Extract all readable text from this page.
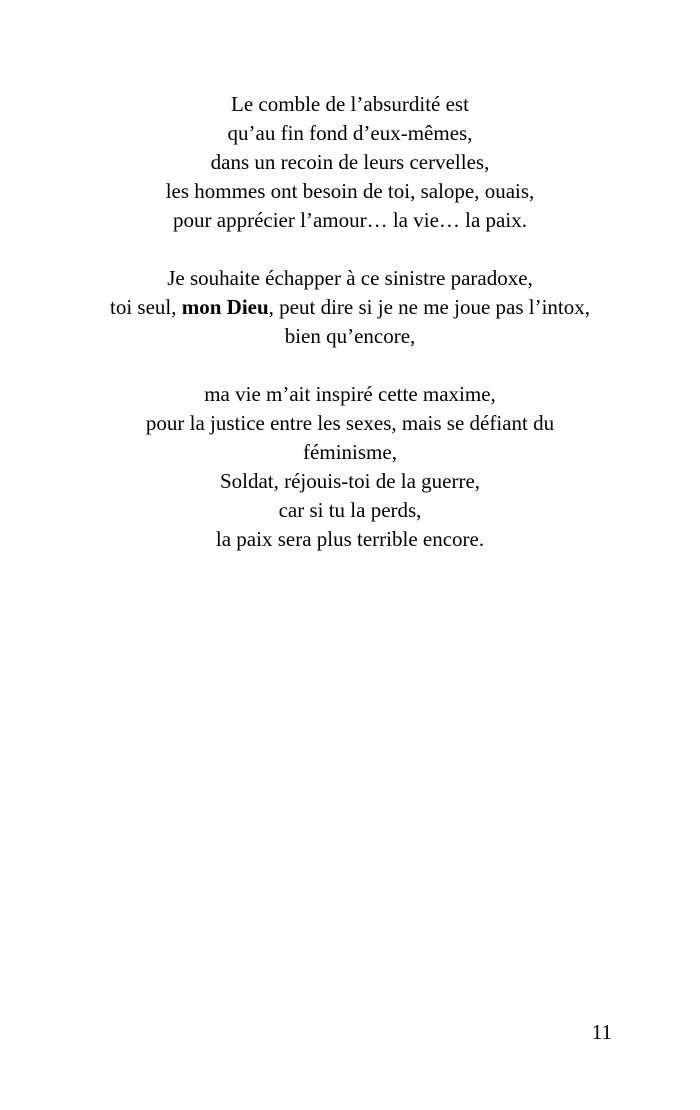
Le comble de l’absurdité est
qu’au fin fond d’eux-mêmes,
dans un recoin de leurs cervelles,
les hommes ont besoin de toi, salope, ouais,
pour apprécier l’amour… la vie… la paix.
Je souhaite échapper à ce sinistre paradoxe,
toi seul, mon Dieu, peut dire si je ne me joue pas l’intox,
bien qu’encore,
ma vie m’ait inspiré cette maxime,
pour la justice entre les sexes, mais se défiant du féminisme,
Soldat, réjouis-toi de la guerre,
car si tu la perds,
la paix sera plus terrible encore.
11
